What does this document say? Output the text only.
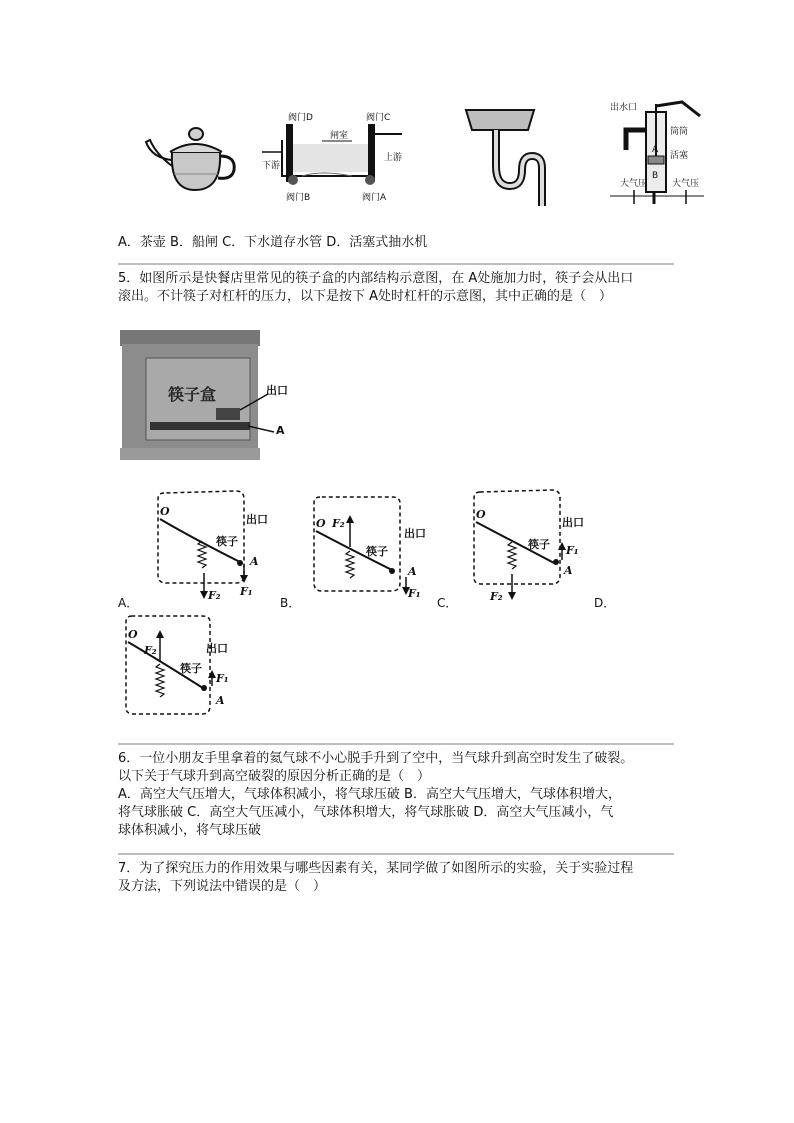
阀门D	阀门C
闸室
下游
上游
阀门B	阀门A
出水口
A
B
筒筒
活塞
大气压	大气压
A．茶壶 B．船闸 C．下水道存水管 D．活塞式抽水机
5．如图所示是快餐店里常见的筷子盒的内部结构示意图，在 A处施加力时，筷子会从出口
滚出。不计筷子对杠杆的压力，以下是按下 A处时杠杆的示意图，其中正确的是（　）
筷子盒	出口
A
O
F₂ F₁
筷子
出口
A
O F₂
F₁
筷子
出口
A
O
F₂
F₁
筷子
出口
A
A．	B．	C．	D．
O
F₂
F₁
筷子
出口
A
6．一位小朋友手里拿着的氦气球不小心脱手升到了空中，当气球升到高空时发生了破裂。
以下关于气球升到高空破裂的原因分析正确的是（　）
A．高空大气压增大，气球体积减小，将气球压破 B．高空大气压增大，气球体积增大，
将气球胀破 C．高空大气压减小，气球体积增大，将气球胀破 D．高空大气压减小，气
球体积减小，将气球压破
7．为了探究压力的作用效果与哪些因素有关，某同学做了如图所示的实验，关于实验过程
及方法，下列说法中错误的是（　）
